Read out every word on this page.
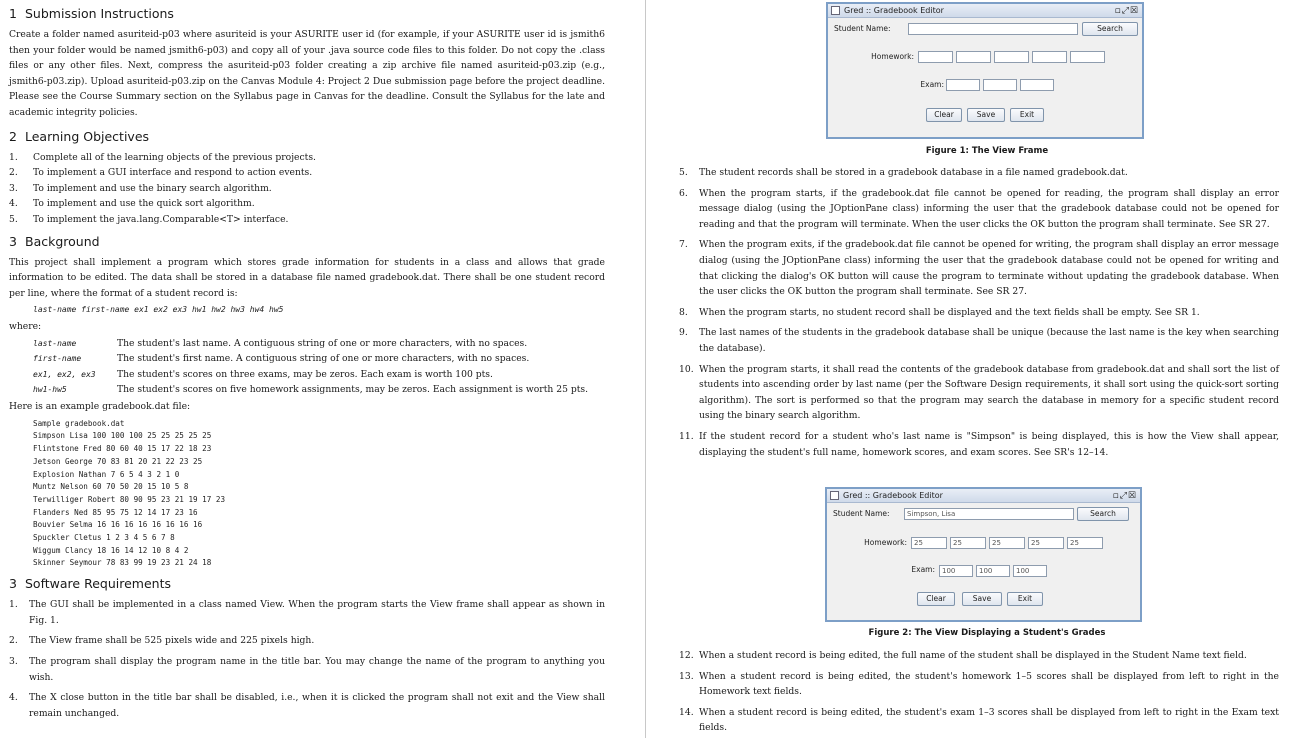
1 Submission Instructions

Create a folder named asuriteid-p03 where asuriteid is your ASURITE user id (for example, if your ASURITE user id is jsmith6 then your folder would be named jsmith6-p03) and copy all of your .java source code files to this folder. Do not copy the .class files or any other files. Next, compress the asuriteid-p03 folder creating a zip archive file named asuriteid-p03.zip (e.g., jsmith6-p03.zip). Upload asuriteid-p03.zip on the Canvas Module 4: Project 2 Due submission page before the project deadline. Please see the Course Summary section on the Syllabus page in Canvas for the deadline. Consult the Syllabus for the late and academic integrity policies.

2 Learning Objectives
1.	Complete all of the learning objects of the previous projects.
2.	To implement a GUI interface and respond to action events.
3.	To implement and use the binary search algorithm.
4.	To implement and use the quick sort algorithm.
5.	To implement the java.lang.Comparable<T> interface.
3 Background

This project shall implement a program which stores grade information for students in a class and allows that grade information to be edited. The data shall be stored in a database file named gradebook.dat. There shall be one student record per line, where the format of a student record is:

last-name first-name ex1 ex2 ex3 hw1 hw2 hw3 hw4 hw5

where:

last-name	The student's last name. A contiguous string of one or more characters, with no spaces.
first-name	The student's first name. A contiguous string of one or more characters, with no spaces.
ex1, ex2, ex3	The student's scores on three exams, may be zeros. Each exam is worth 100 pts.
hw1-hw5	The student's scores on five homework assignments, may be zeros. Each assignment is worth 25 pts.

Here is an example gradebook.dat file:

Sample gradebook.dat
Simpson Lisa 100 100 100 25 25 25 25 25
Flintstone Fred 80 60 40 15 17 22 18 23
Jetson George 70 83 81 20 21 22 23 25
Explosion Nathan 7 6 5 4 3 2 1 0
Muntz Nelson 60 70 50 20 15 10 5 8
Terwilliger Robert 80 90 95 23 21 19 17 23
Flanders Ned 85 95 75 12 14 17 23 16
Bouvier Selma 16 16 16 16 16 16 16 16
Spuckler Cletus 1 2 3 4 5 6 7 8
Wiggum Clancy 18 16 14 12 10 8 4 2
Skinner Seymour 78 83 99 19 23 21 24 18
3 Software Requirements
1.	The GUI shall be implemented in a class named View. When the program starts the View frame shall appear as shown in Fig. 1.
2.	The View frame shall be 525 pixels wide and 225 pixels high.
3.	The program shall display the program name in the title bar. You may change the name of the program to anything you wish.
4.	The X close button in the title bar shall be disabled, i.e., when it is clicked the program shall not exit and the View shall remain unchanged.
Gred :: Gradebook Editor	▫⤢☒
Student Name:	Search
Homework:
Exam:
Clear	Save	Exit
Figure 1: The View Frame
5.	The student records shall be stored in a gradebook database in a file named gradebook.dat.
6.	When the program starts, if the gradebook.dat file cannot be opened for reading, the program shall display an error message dialog (using the JOptionPane class) informing the user that the gradebook database could not be opened for reading and that the program will terminate. When the user clicks the OK button the program shall terminate. See SR 27.
7.	When the program exits, if the gradebook.dat file cannot be opened for writing, the program shall display an error message dialog (using the JOptionPane class) informing the user that the gradebook database could not be opened for writing and that clicking the dialog's OK button will cause the program to terminate without updating the gradebook database. When the user clicks the OK button the program shall terminate. See SR 27.
8.	When the program starts, no student record shall be displayed and the text fields shall be empty. See SR 1.
9.	The last names of the students in the gradebook database shall be unique (because the last name is the key when searching the database).
10. When the program starts, it shall read the contents of the gradebook database from gradebook.dat and shall sort the list of students into ascending order by last name (per the Software Design requirements, it shall sort using the quick-sort sorting algorithm). The sort is performed so that the program may search the database in memory for a specific student record using the binary search algorithm.
11. If the student record for a student who's last name is "Simpson" is being displayed, this is how the View shall appear, displaying the student's full name, homework scores, and exam scores. See SR's 12–14.
Gred :: Gradebook Editor	▫⤢☒
Student Name:	Simpson, Lisa	Search
Homework:
Exam:
Clear	Save	Exit
25	25	25	25	25
100	100	100
Figure 2: The View Displaying a Student's Grades
12. When a student record is being edited, the full name of the student shall be displayed in the Student Name text field.
13. When a student record is being edited, the student's homework 1–5 scores shall be displayed from left to right in the Homework text fields.
14. When a student record is being edited, the student's exam 1–3 scores shall be displayed from left to right in the Exam text fields.
